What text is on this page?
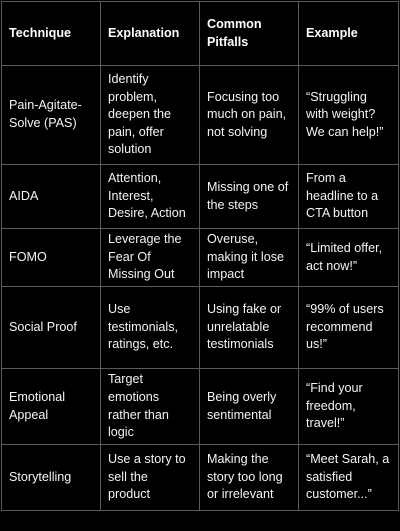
Technique	Explanation	Common Pitfalls	Example
Pain-Agitate-Solve (PAS)	Identify problem, deepen the pain, offer solution	Focusing too much on pain, not solving	“Struggling with weight? We can help!”
AIDA	Attention, Interest, Desire, Action	Missing one of the steps	From a headline to a CTA button
FOMO	Leverage the Fear Of Missing Out	Overuse, making it lose impact	“Limited offer, act now!”
Social Proof	Use testimonials, ratings, etc.	Using fake or unrelatable testimonials	“99% of users recommend us!”
Emotional Appeal	Target emotions rather than logic	Being overly sentimental	“Find your freedom, travel!”
Storytelling	Use a story to sell the product	Making the story too long or irrelevant	“Meet Sarah, a satisfied customer...”
